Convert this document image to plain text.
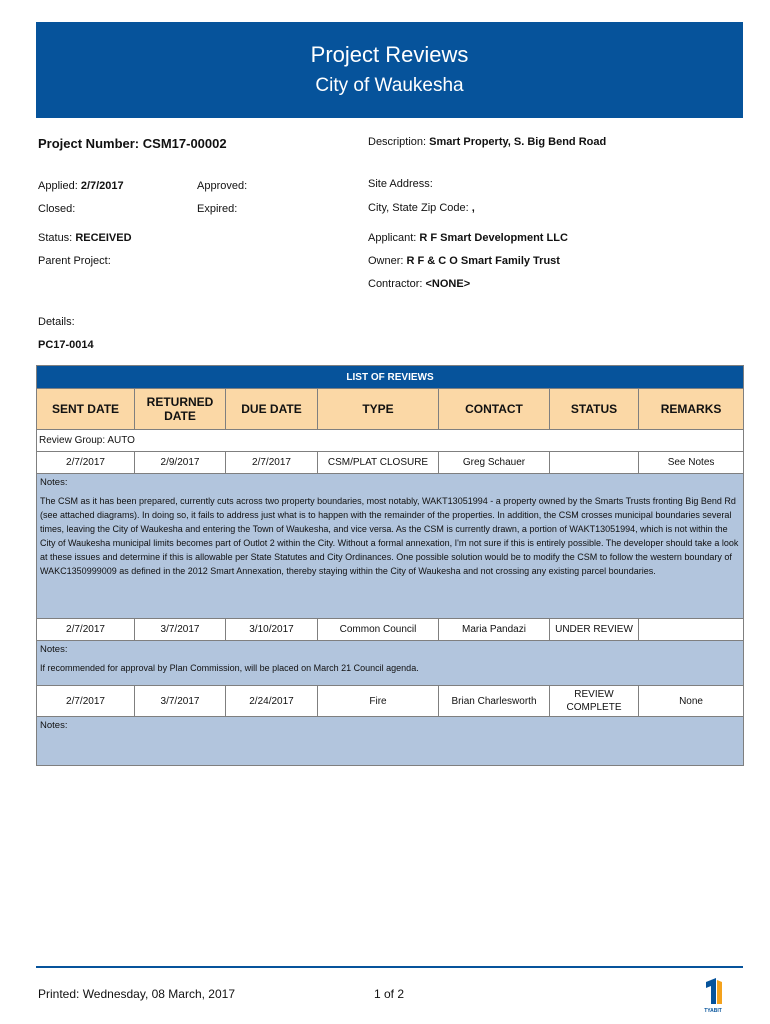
Project Reviews
City of Waukesha
Project Number: CSM17-00002	Description: Smart Property, S. Big Bend Road
Applied: 2/7/2017	Approved:	Site Address:
Closed:	Expired:	City, State Zip Code: ,
Status: RECEIVED	Applicant: R F Smart Development LLC
Parent Project:	Owner: R F & C O Smart Family Trust
Contractor: <NONE>
Details:
PC17-0014
LIST OF REVIEWS						
SENT DATE	RETURNED
DATE	DUE DATE	TYPE	CONTACT	STATUS	REMARKS
Review Group: AUTO						
2/7/2017	2/9/2017	2/7/2017	CSM/PLAT CLOSURE	Greg Schauer		See Notes

Notes:
The CSM as it has been prepared, currently cuts across two property boundaries, most notably, WAKT13051994 - a property owned by the Smarts Trusts fronting Big Bend Rd (see attached diagrams). In doing so, it fails to address just what is to happen with the remainder of the properties. In addition, the CSM crosses municipal boundaries several times, leaving the City of Waukesha and entering the Town of Waukesha, and vice versa. As the CSM is currently drawn, a portion of WAKT13051994, which is not within the City of Waukesha municipal limits becomes part of Outlot 2 within the City. Without a formal annexation, I'm not sure if this is entirely possible. The developer should take a look at these issues and determine if this is allowable per State Statutes and City Ordinances. One possible solution would be to modify the CSM to follow the western boundary of WAKC1350999009 as defined in the 2012 Smart Annexation, thereby staying within the City of Waukesha and not crossing any existing parcel boundaries.						

2/7/2017	3/7/2017	3/10/2017	Common Council	Maria Pandazi	UNDER REVIEW	

Notes:
If recommended for approval by Plan Commission, will be placed on March 21 Council agenda.						

2/7/2017	3/7/2017	2/24/2017	Fire	Brian Charlesworth	REVIEW COMPLETE	None

Notes:						
Printed: Wednesday, 08 March, 2017	1 of 2
TYABIT
